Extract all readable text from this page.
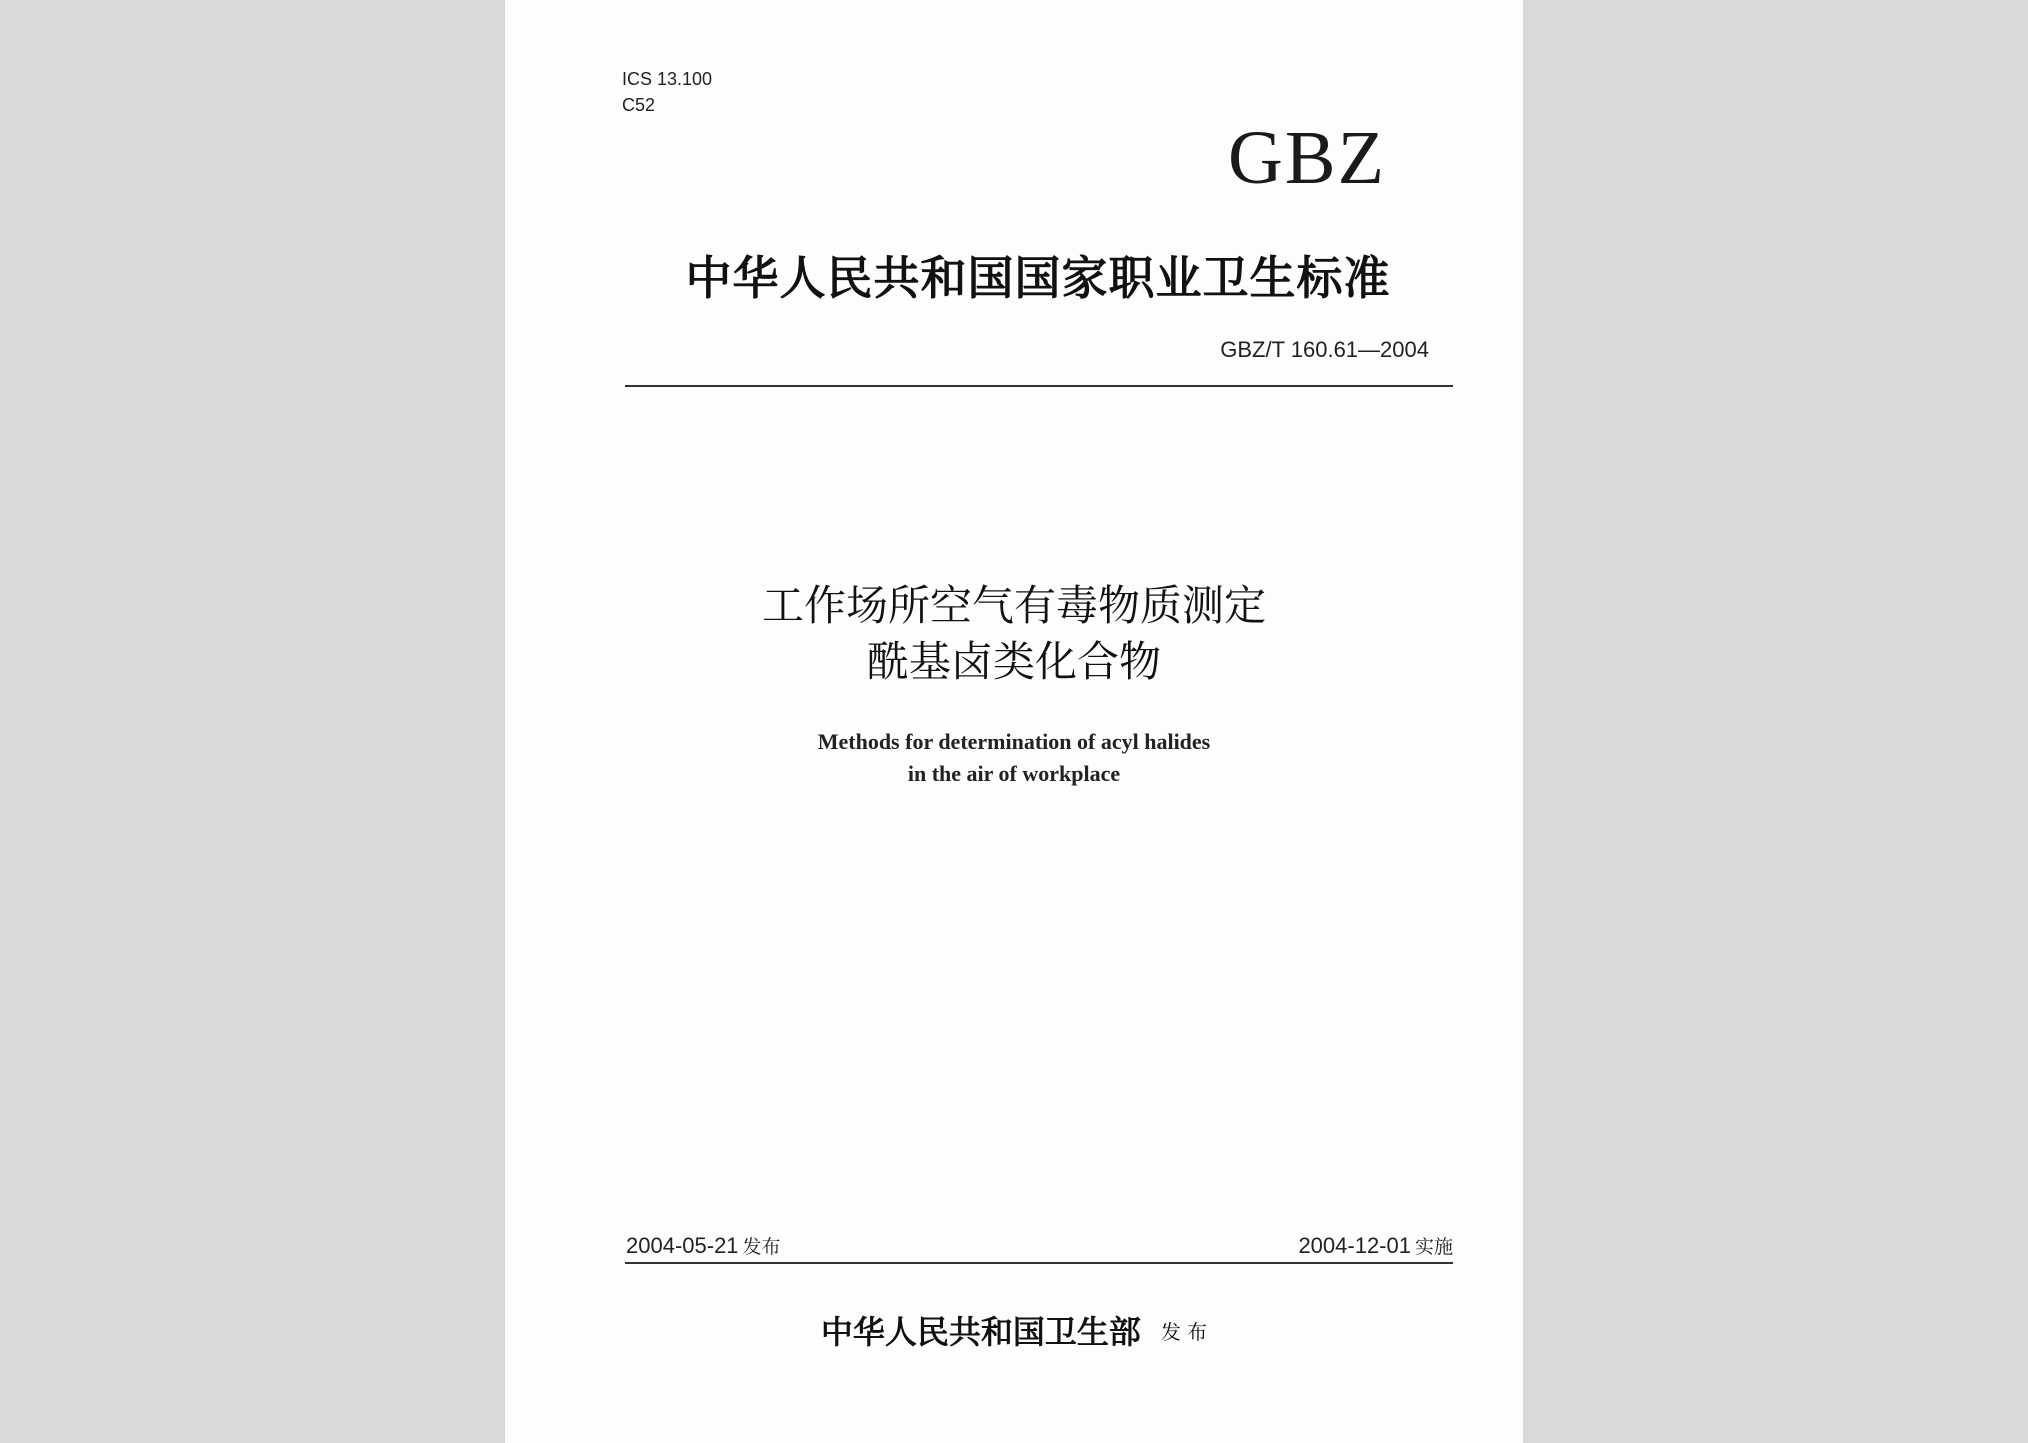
ICS 13.100
C52
GBZ
中华人民共和国国家职业卫生标准
GBZ/T 160.61—2004
工作场所空气有毒物质测定
酰基卤类化合物
Methods for determination of acyl halides
in the air of workplace
2004-05-21 发布	2004-12-01 实施
中华人民共和国卫生部 发 布
